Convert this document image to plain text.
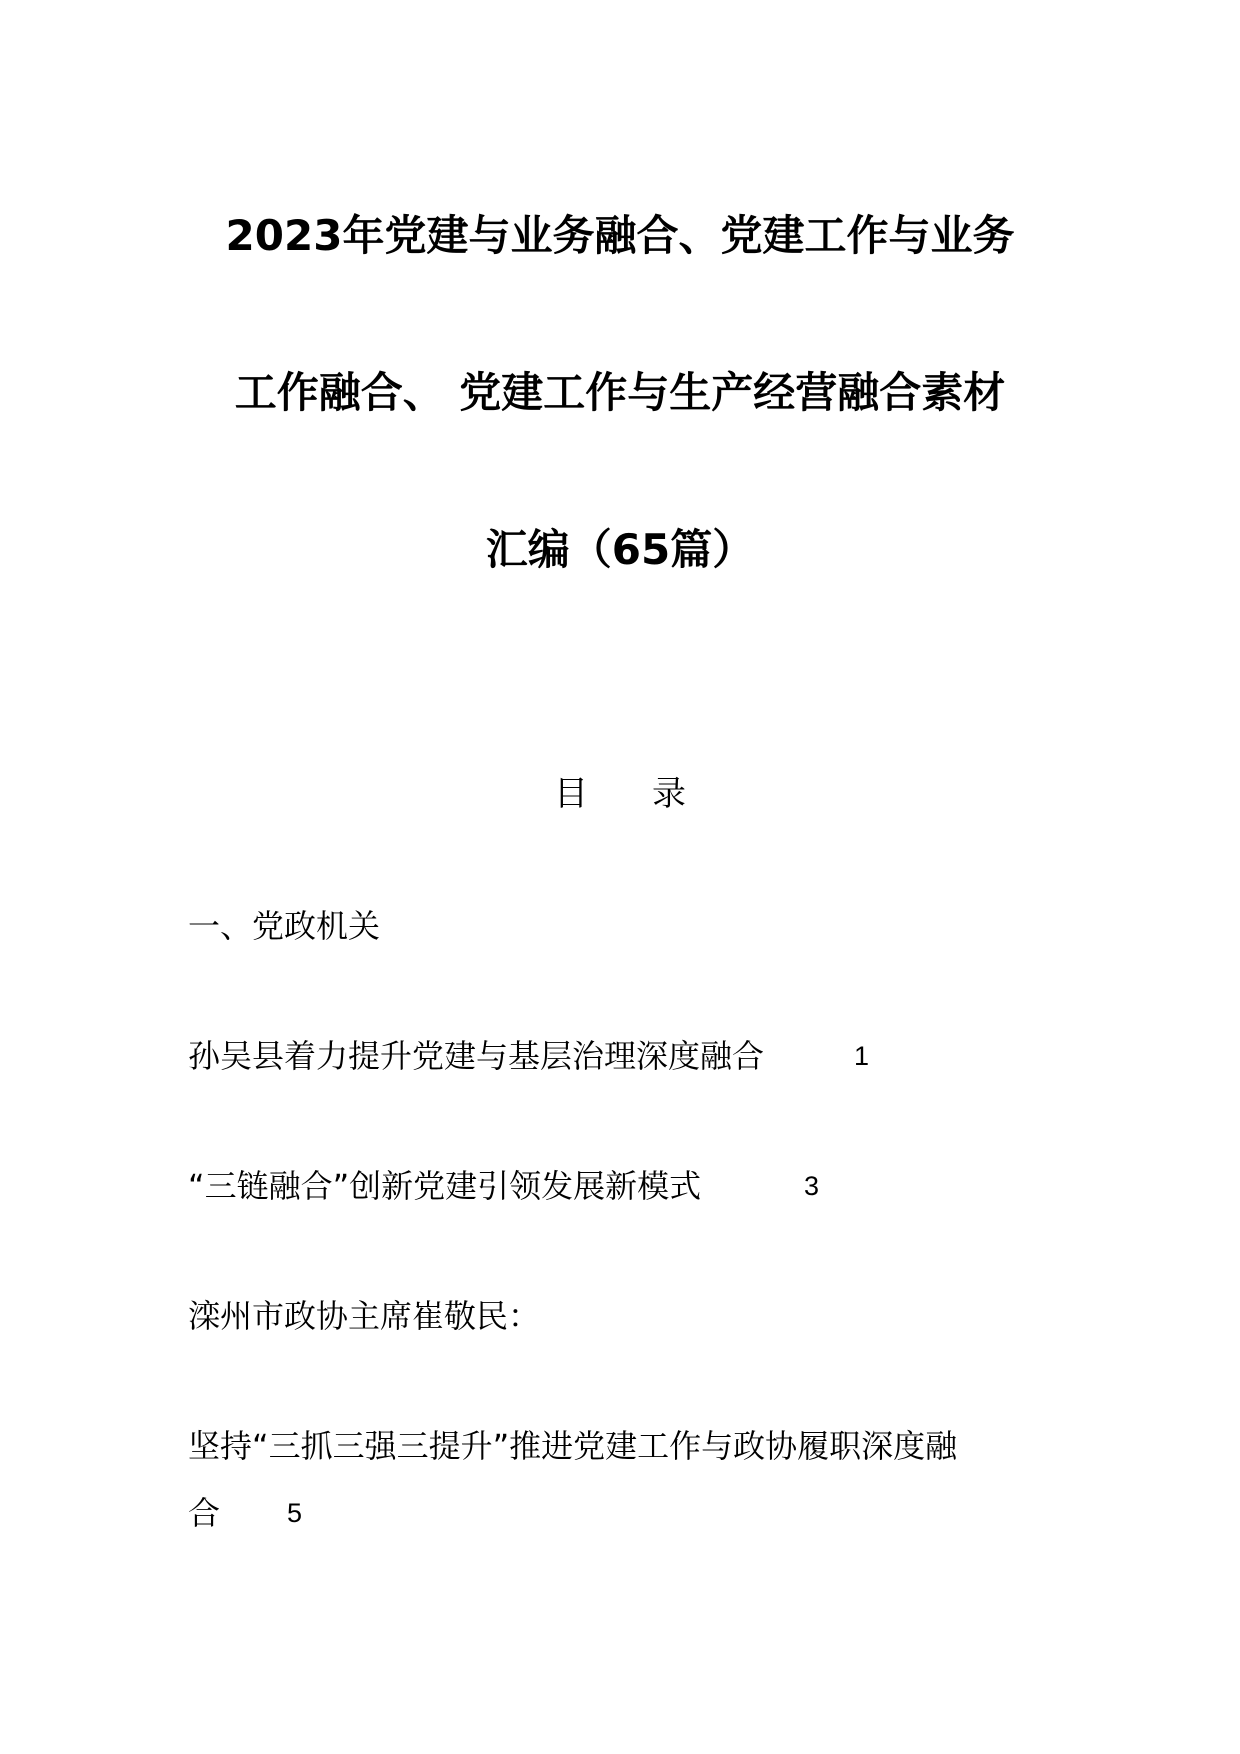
2023年党建与业务融合、党建工作与业务
工作融合、 党建工作与生产经营融合素材
汇编（65篇）
目录
一、党政机关
孙吴县着力提升党建与基层治理深度融合	1
“三链融合”创新党建引领发展新模式	3
滦州市政协主席崔敬民：
坚持“三抓三强三提升”推进党建工作与政协履职深度融
合 5
